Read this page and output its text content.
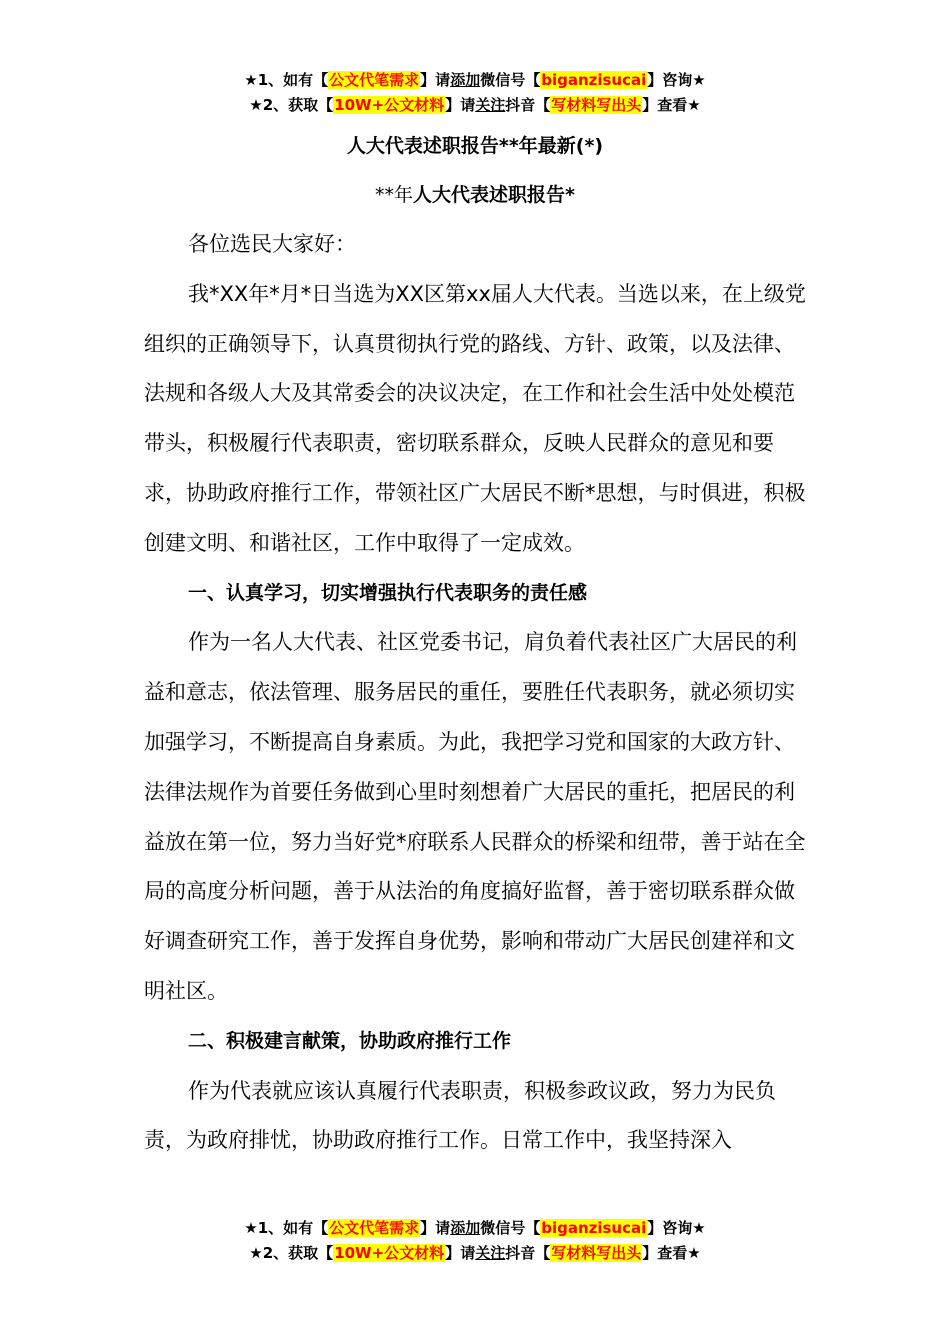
★1、如有【公文代笔需求】请添加微信号【biganzisucai】咨询★
★2、获取【10W+公文材料】请关注抖音【写材料写出头】查看★
人大代表述职报告**年最新(*)
**年人大代表述职报告*

各位选民大家好：

我*XX年*月*日当选为XX区第xx届人大代表。当选以来，在上级党组织的正确领导下，认真贯彻执行党的路线、方针、政策，以及法律、法规和各级人大及其常委会的决议决定，在工作和社会生活中处处模范带头，积极履行代表职责，密切联系群众，反映人民群众的意见和要求，协助政府推行工作，带领社区广大居民不断*思想，与时俱进，积极创建文明、和谐社区，工作中取得了一定成效。

一、认真学习，切实增强执行代表职务的责任感

作为一名人大代表、社区党委书记，肩负着代表社区广大居民的利益和意志，依法管理、服务居民的重任，要胜任代表职务，就必须切实加强学习，不断提高自身素质。为此，我把学习党和国家的大政方针、法律法规作为首要任务做到心里时刻想着广大居民的重托，把居民的利益放在第一位，努力当好党*府联系人民群众的桥梁和纽带，善于站在全局的高度分析问题，善于从法治的角度搞好监督，善于密切联系群众做好调查研究工作，善于发挥自身优势，影响和带动广大居民创建祥和文明社区。

二、积极建言献策，协助政府推行工作

作为代表就应该认真履行代表职责，积极参政议政，努力为民负责，为政府排忧，协助政府推行工作。日常工作中，我坚持深入

★1、如有【公文代笔需求】请添加微信号【biganzisucai】咨询★
★2、获取【10W+公文材料】请关注抖音【写材料写出头】查看★
